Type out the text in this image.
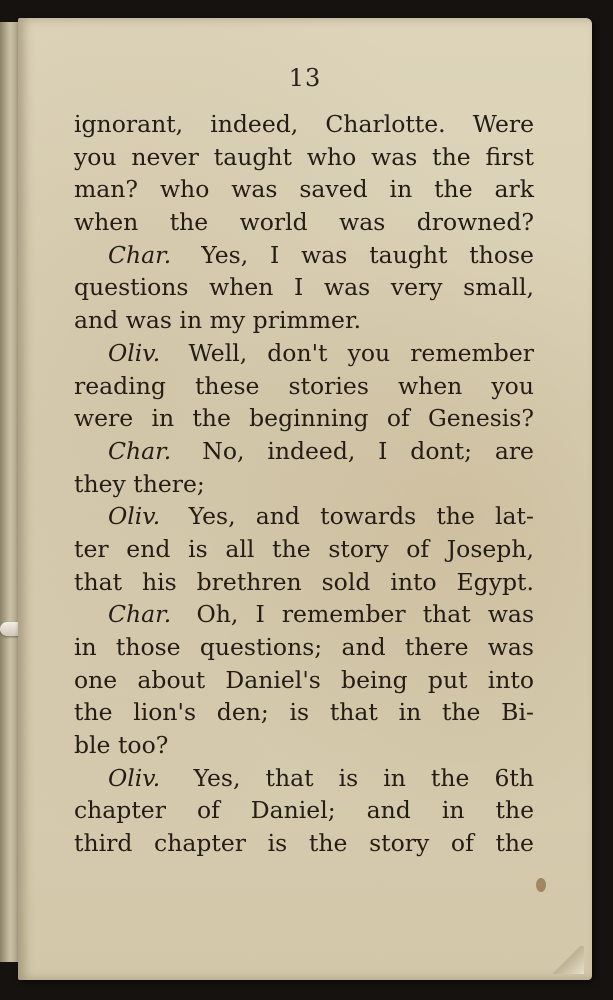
13
ignorant, indeed, Charlotte. Were
you never taught who was the first
man? who was saved in the ark
when the world was drowned?
Char. Yes, I was taught those
questions when I was very small,
and was in my primmer.
Oliv. Well, don't you remember
reading these stories when you
were in the beginning of Genesis?
Char. No, indeed, I dont; are
they there;
Oliv. Yes, and towards the lat-
ter end is all the story of Joseph,
that his brethren sold into Egypt.
Char. Oh, I remember that was
in those questions; and there was
one about Daniel's being put into
the lion's den; is that in the Bi-
ble too?
Oliv. Yes, that is in the 6th
chapter of Daniel; and in the
third chapter is the story of the
